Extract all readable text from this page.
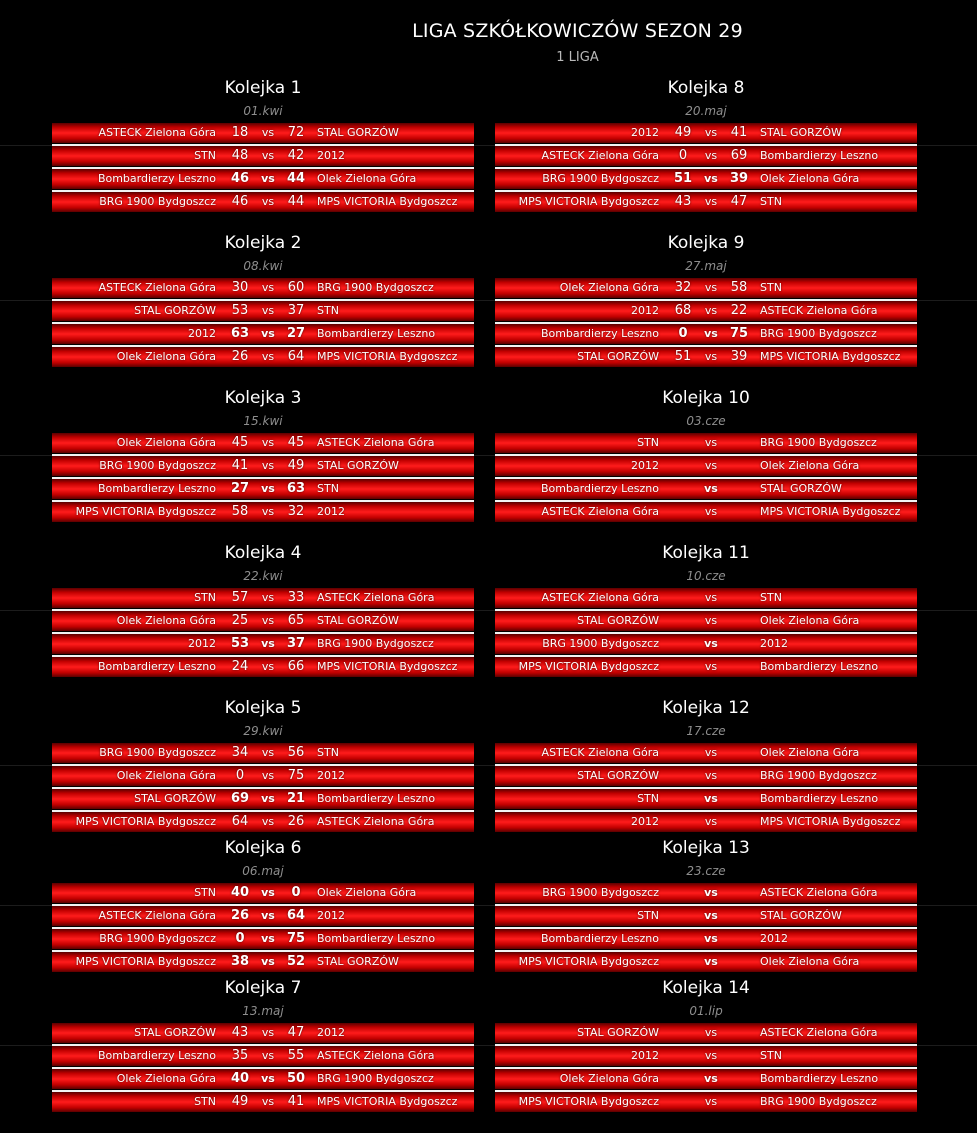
LIGA SZKÓŁKOWICZÓW SEZON 29
1 LIGA
Kolejka 1
01.kwi
ASTECK Zielona Góra 18	vs	72	STAL GORZÓW
STN 48	vs	42	2012
Bombardierzy Leszno 46	vs 44 Olek Zielona Góra
BRG 1900 Bydgoszcz 46	vs	44	MPS VICTORIA Bydgoszcz
Kolejka 8
20.maj
2012 49	vs	41	STAL GORZÓW
ASTECK Zielona Góra	0	vs	69	Bombardierzy Leszno
BRG 1900 Bydgoszcz 51	vs 39 Olek Zielona Góra
MPS VICTORIA Bydgoszcz 43	vs	47	STN
Kolejka 2
08.kwi
ASTECK Zielona Góra 30	vs	60	BRG 1900 Bydgoszcz
STAL GORZÓW 53	vs	37	STN
2012 63	vs 27 Bombardierzy Leszno
Olek Zielona Góra 26	vs	64	MPS VICTORIA Bydgoszcz
Kolejka 9
27.maj
Olek Zielona Góra 32	vs	58	STN
2012 68	vs	22	ASTECK Zielona Góra
Bombardierzy Leszno	0	vs 75 BRG 1900 Bydgoszcz
STAL GORZÓW 51	vs	39	MPS VICTORIA Bydgoszcz
Kolejka 3
15.kwi
Olek Zielona Góra 45	vs	45	ASTECK Zielona Góra
BRG 1900 Bydgoszcz 41	vs	49	STAL GORZÓW
Bombardierzy Leszno 27	vs 63 STN
MPS VICTORIA Bydgoszcz 58	vs	32	2012
Kolejka 10
03.cze
STN	vs	BRG 1900 Bydgoszcz
2012	vs	Olek Zielona Góra
Bombardierzy Leszno	vs	STAL GORZÓW
ASTECK Zielona Góra	vs	MPS VICTORIA Bydgoszcz
Kolejka 4
22.kwi
STN 57	vs	33	ASTECK Zielona Góra
Olek Zielona Góra 25	vs	65	STAL GORZÓW
2012 53	vs 37 BRG 1900 Bydgoszcz
Bombardierzy Leszno 24	vs	66	MPS VICTORIA Bydgoszcz
Kolejka 11
10.cze
ASTECK Zielona Góra	vs	STN
STAL GORZÓW	vs	Olek Zielona Góra
BRG 1900 Bydgoszcz	vs	2012
MPS VICTORIA Bydgoszcz	vs	Bombardierzy Leszno
Kolejka 5
29.kwi
BRG 1900 Bydgoszcz 34	vs	56	STN
Olek Zielona Góra	0	vs	75	2012
STAL GORZÓW 69	vs 21 Bombardierzy Leszno
MPS VICTORIA Bydgoszcz 64	vs	26	ASTECK Zielona Góra
Kolejka 12
17.cze
ASTECK Zielona Góra	vs	Olek Zielona Góra
STAL GORZÓW	vs	BRG 1900 Bydgoszcz
STN	vs	Bombardierzy Leszno
2012	vs	MPS VICTORIA Bydgoszcz
Kolejka 6
06.maj
STN 40	vs	0	Olek Zielona Góra
ASTECK Zielona Góra 26	vs 64 2012
BRG 1900 Bydgoszcz	0	vs 75 Bombardierzy Leszno
MPS VICTORIA Bydgoszcz 38	vs 52 STAL GORZÓW
Kolejka 13
23.cze
BRG 1900 Bydgoszcz	vs	ASTECK Zielona Góra
STN	vs	STAL GORZÓW
Bombardierzy Leszno	vs	2012
MPS VICTORIA Bydgoszcz	vs	Olek Zielona Góra
Kolejka 7
13.maj
STAL GORZÓW 43	vs	47	2012
Bombardierzy Leszno 35	vs	55	ASTECK Zielona Góra
Olek Zielona Góra 40	vs 50 BRG 1900 Bydgoszcz
STN 49	vs	41	MPS VICTORIA Bydgoszcz
Kolejka 14
01.lip
STAL GORZÓW	vs	ASTECK Zielona Góra
2012	vs	STN
Olek Zielona Góra	vs	Bombardierzy Leszno
MPS VICTORIA Bydgoszcz	vs	BRG 1900 Bydgoszcz
